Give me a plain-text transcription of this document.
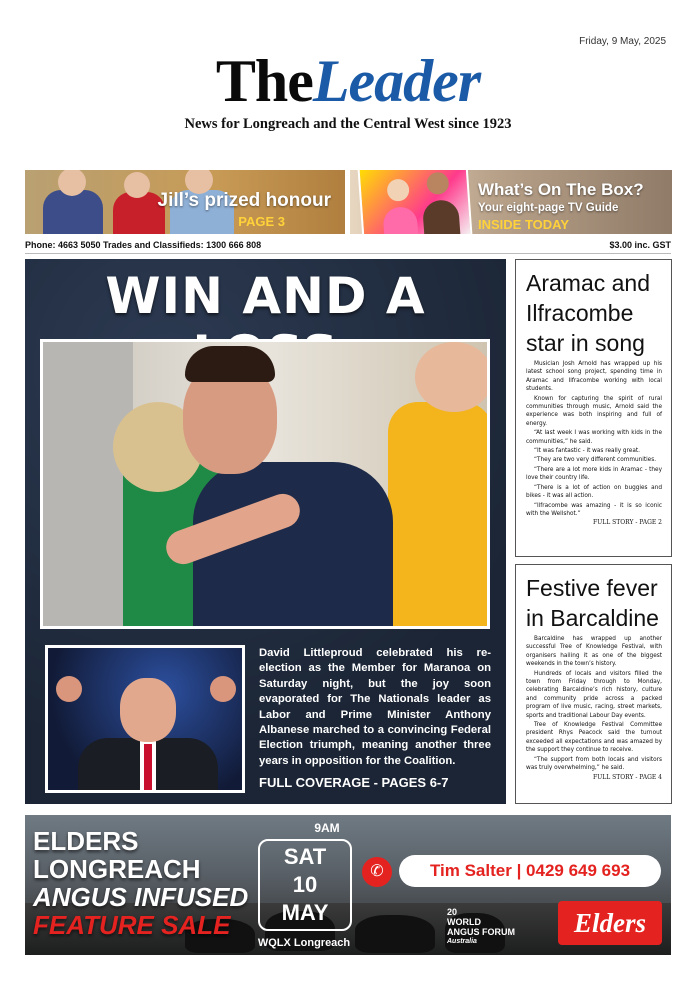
Friday, 9 May, 2025
TheLeader
News for Longreach and the Central West since 1923
Jill’s prized honour
PAGE 3
What’s On The Box?
Your eight-page TV Guide
INSIDE TODAY
Phone: 4663 5050 Trades and Classifieds: 1300 666 808	$3.00 inc. GST
WIN AND A
David Littleproud celebrated his re-election as the Member for Maranoa on Saturday night, but the joy soon evaporated for The Nationals leader as Labor and Prime Minister Anthony Albanese marched to a convincing Federal Election triumph, meaning another three years in opposition for the Coalition.
FULL COVERAGE - PAGES 6-7
Aramac and Ilfracombe star in song

Musician Josh Arnold has wrapped up his latest school song project, spending time in Aramac and Ilfracombe working with local students.

Known for capturing the spirit of rural communities through music, Arnold said the experience was both inspiring and full of energy.

“At last week I was working with kids in the communities,” he said.

“It was fantastic - it was really great.

“They are two very different communities.

“There are a lot more kids in Aramac - they love their country life.

“There is a lot of action on buggies and bikes - it was all action.

“Ilfracombe was amazing - it is so iconic with the Wellshot.”

FULL STORY - PAGE 2
Festive fever in Barcaldine

Barcaldine has wrapped up another successful Tree of Knowledge Festival, with organisers hailing it as one of the biggest weekends in the town’s history.

Hundreds of locals and visitors filled the town from Friday through to Monday, celebrating Barcaldine’s rich history, culture and community pride across a packed program of live music, racing, street markets, sports and traditional Labour Day events.

Tree of Knowledge Festival Committee president Rhys Peacock said the turnout exceeded all expectations and was amazed by the support they continue to receive.

“The support from both locals and visitors was truly overwhelming,” he said.

FULL STORY - PAGE 4
ELDERS
LONGREACH
ANGUS INFUSED
FEATURE SALE
9AM
SAT
10
MAY
WQLX Longreach
✆	Tim Salter | 0429 649 693
20
WORLD
ANGUS FORUM
Australia
Elders
